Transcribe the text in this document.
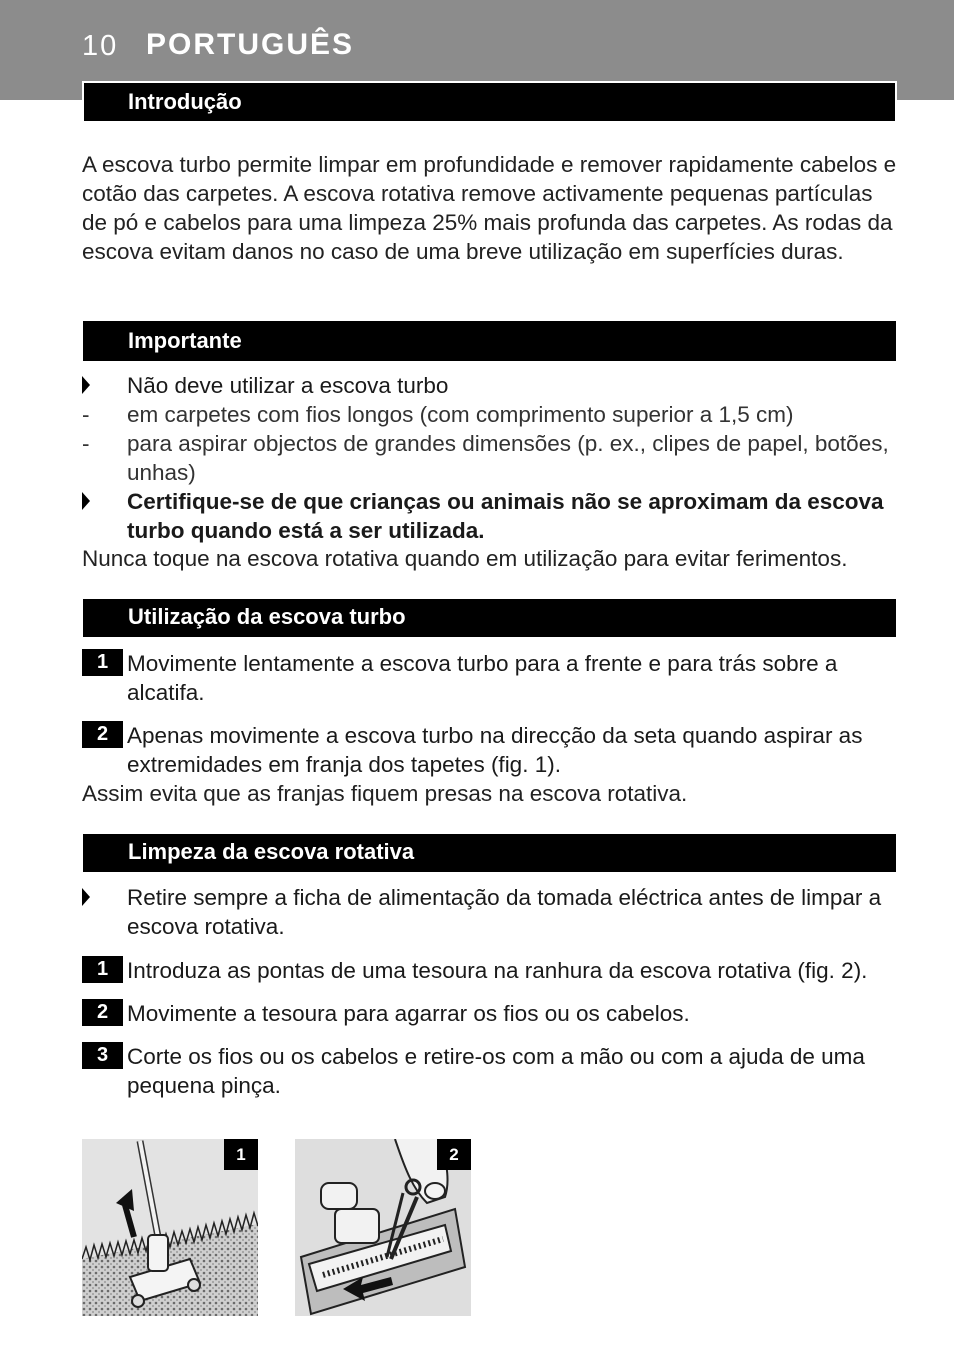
10 PORTUGUÊS
Introdução
A escova turbo permite limpar em profundidade e remover rapidamente cabelos e cotão das carpetes. A escova rotativa remove activamente pequenas partículas de pó e cabelos para uma limpeza 25% mais profunda das carpetes. As rodas da escova evitam danos no caso de uma breve utilização em superfícies duras.
Importante
Não deve utilizar a escova turbo
- em carpetes com fios longos (com comprimento superior a 1,5 cm)
- para aspirar objectos de grandes dimensões (p. ex., clipes de papel, botões, unhas)
Certifique-se de que crianças ou animais não se aproximam da escova turbo quando está a ser utilizada.
Nunca toque na escova rotativa quando em utilização para evitar ferimentos.
Utilização da escova turbo
1 Movimente lentamente a escova turbo para a frente e para trás sobre a alcatifa.
2 Apenas movimente a escova turbo na direcção da seta quando aspirar as extremidades em franja dos tapetes (fig. 1).
Assim evita que as franjas fiquem presas na escova rotativa.
Limpeza da escova rotativa
Retire sempre a ficha de alimentação da tomada eléctrica antes de limpar a escova rotativa.
1 Introduza as pontas de uma tesoura na ranhura da escova rotativa (fig. 2).
2 Movimente a tesoura para agarrar os fios ou os cabelos.
3 Corte os fios ou os cabelos e retire-os com a mão ou com a ajuda de uma pequena pinça.
1	2
